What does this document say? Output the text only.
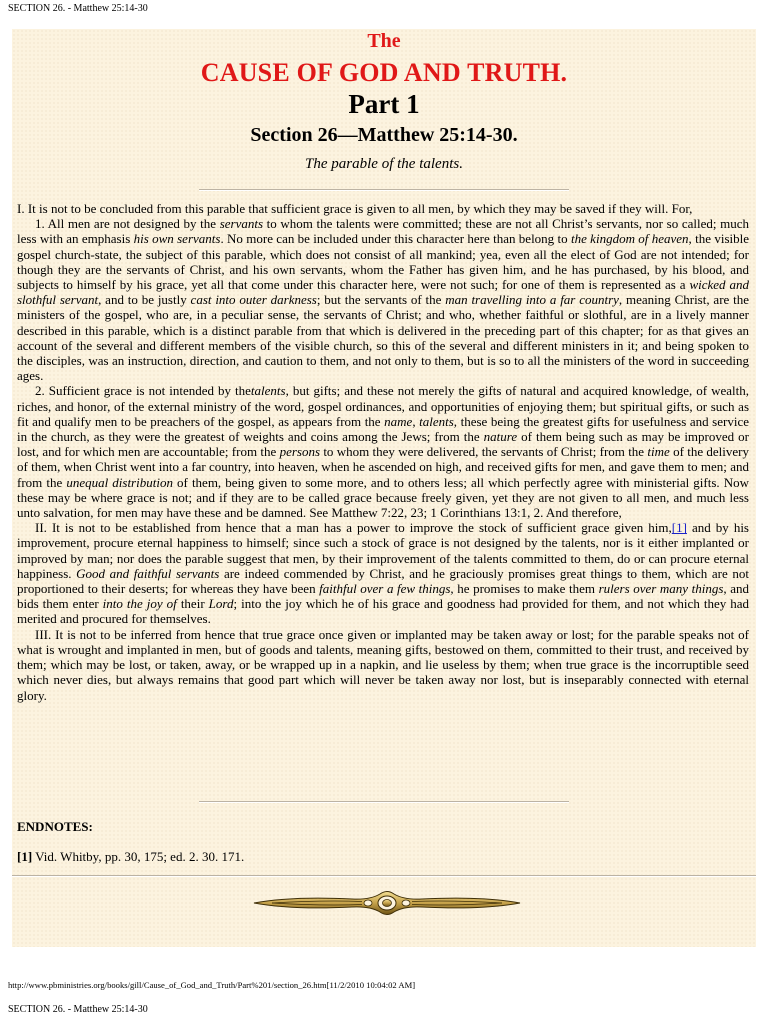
SECTION 26. - Matthew 25:14-30
The
CAUSE OF GOD AND TRUTH.
Part 1
Section 26—Matthew 25:14-30.
The parable of the talents.

I. It is not to be concluded from this parable that sufficient grace is given to all men, by which they may be saved if they will. For,

1. All men are not designed by the servants to whom the talents were committed; these are not all Christ’s servants, nor so called; much less with an emphasis his own servants. No more can be included under this character here than belong to the kingdom of heaven, the visible gospel church-state, the subject of this parable, which does not consist of all mankind; yea, even all the elect of God are not intended; for though they are the servants of Christ, and his own servants, whom the Father has given him, and he has purchased, by his blood, and subjects to himself by his grace, yet all that come under this character here, were not such; for one of them is represented as a wicked and slothful servant, and to be justly cast into outer darkness; but the servants of the man travelling into a far country, meaning Christ, are the ministers of the gospel, who are, in a peculiar sense, the servants of Christ; and who, whether faithful or slothful, are in a lively manner described in this parable, which is a distinct parable from that which is delivered in the preceding part of this chapter; for as that gives an account of the several and different members of the visible church, so this of the several and different ministers in it; and being spoken to the disciples, was an instruction, direction, and caution to them, and not only to them, but is so to all the ministers of the word in succeeding ages.

2. Sufficient grace is not intended by thetalents, but gifts; and these not merely the gifts of natural and acquired knowledge, of wealth, riches, and honor, of the external ministry of the word, gospel ordinances, and opportunities of enjoying them; but spiritual gifts, or such as fit and qualify men to be preachers of the gospel, as appears from the name, talents, these being the greatest gifts for usefulness and service in the church, as they were the greatest of weights and coins among the Jews; from the nature of them being such as may be improved or lost, and for which men are accountable; from the persons to whom they were delivered, the servants of Christ; from the time of the delivery of them, when Christ went into a far country, into heaven, when he ascended on high, and received gifts for men, and gave them to men; and from the unequal distribution of them, being given to some more, and to others less; all which perfectly agree with ministerial gifts. Now these may be where grace is not; and if they are to be called grace because freely given, yet they are not given to all men, and much less unto salvation, for men may have these and be damned. See Matthew 7:22, 23; 1 Corinthians 13:1, 2. And therefore,

II. It is not to be established from hence that a man has a power to improve the stock of sufficient grace given him,[1] and by his improvement, procure eternal happiness to himself; since such a stock of grace is not designed by the talents, nor is it either implanted or improved by man; nor does the parable suggest that men, by their improvement of the talents committed to them, do or can procure eternal happiness. Good and faithful servants are indeed commended by Christ, and he graciously promises great things to them, which are not proportioned to their deserts; for whereas they have been faithful over a few things, he promises to make them rulers over many things, and bids them enter into the joy of their Lord; into the joy which he of his grace and goodness had provided for them, and not which they had merited and procured for themselves.

III. It is not to be inferred from hence that true grace once given or implanted may be taken away or lost; for the parable speaks not of what is wrought and implanted in men, but of goods and talents, meaning gifts, bestowed on them, committed to their trust, and received by them; which may be lost, or taken, away, or be wrapped up in a napkin, and lie useless by them; when true grace is the incorruptible seed which never dies, but always remains that good part which will never be taken away nor lost, but is inseparably connected with eternal glory.

ENDNOTES:
[1] Vid. Whitby, pp. 30, 175; ed. 2. 30. 171.
http://www.pbministries.org/books/gill/Cause_of_God_and_Truth/Part%201/section_26.htm[11/2/2010 10:04:02 AM]
SECTION 26. - Matthew 25:14-30
